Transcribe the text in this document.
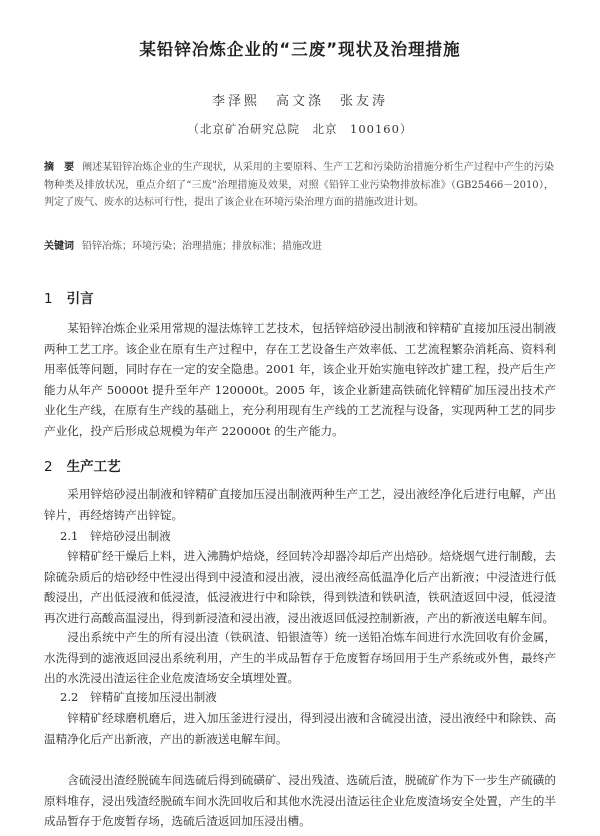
某铅锌冶炼企业的“三废”现状及治理措施
李泽熙　高文涤　张友涛
（北京矿冶研究总院　北京　100160）
摘　要 阐述某铅锌冶炼企业的生产现状，从采用的主要原料、生产工艺和污染防治措施分析生产过程中产生的污染物种类及排放状况，重点介绍了“三废”治理措施及效果，对照《铅锌工业污染物排放标准》（GB25466－2010），判定了废气、废水的达标可行性，提出了该企业在环境污染治理方面的措施改进计划。
关键词 铅锌冶炼；环境污染；治理措施；排放标准；措施改进
1 引言
某铅锌冶炼企业采用常规的湿法炼锌工艺技术，包括锌焙砂浸出制液和锌精矿直接加压浸出制液两种工艺工序。该企业在原有生产过程中，存在工艺设备生产效率低、工艺流程繁杂消耗高、资料利用率低等问题，同时存在一定的安全隐患。2001 年，该企业开始实施电锌改扩建工程，投产后生产能力从年产 50000t 提升至年产 120000t。2005 年，该企业新建高铁硫化锌精矿加压浸出技术产业化生产线，在原有生产线的基础上，充分利用现有生产线的工艺流程与设备，实现两种工艺的同步产业化，投产后形成总规模为年产 220000t 的生产能力。
2 生产工艺
采用锌焙砂浸出制液和锌精矿直接加压浸出制液两种生产工艺，浸出液经净化后进行电解，产出锌片，再经熔铸产出锌锭。
2.1 锌焙砂浸出制液
锌精矿经干燥后上料，进入沸腾炉焙烧，经回转冷却器冷却后产出焙砂。焙烧烟气进行制酸，去除硫杂质后的焙砂经中性浸出得到中浸渣和浸出液，浸出液经高低温净化后产出新液；中浸渣进行低酸浸出，产出低浸液和低浸渣，低浸液进行中和除铁，得到铁渣和铁矾渣，铁矾渣返回中浸，低浸渣再次进行高酸高温浸出，得到新浸渣和浸出液，浸出液返回低浸控制新液，产出的新液送电解车间。
浸出系统中产生的所有浸出渣（铁矾渣、铅银渣等）统一送铅冶炼车间进行水洗回收有价金属，水洗得到的滤液返回浸出系统利用，产生的半成品暂存于危废暂存场回用于生产系统或外售，最终产出的水洗浸出渣运往企业危废渣场安全填埋处置。
2.2 锌精矿直接加压浸出制液
锌精矿经球磨机磨后，进入加压釜进行浸出，得到浸出液和含硫浸出渣，浸出液经中和除铁、高温精净化后产出新液，产出的新液送电解车间。
含硫浸出渣经脱硫车间选硫后得到硫磺矿、浸出残渣、选硫后渣，脱硫矿作为下一步生产硫磺的原料堆存，浸出残渣经脱硫车间水洗回收后和其他水洗浸出渣运往企业危废渣场安全处置，产生的半成品暂存于危废暂存场，选硫后渣返回加压浸出槽。
